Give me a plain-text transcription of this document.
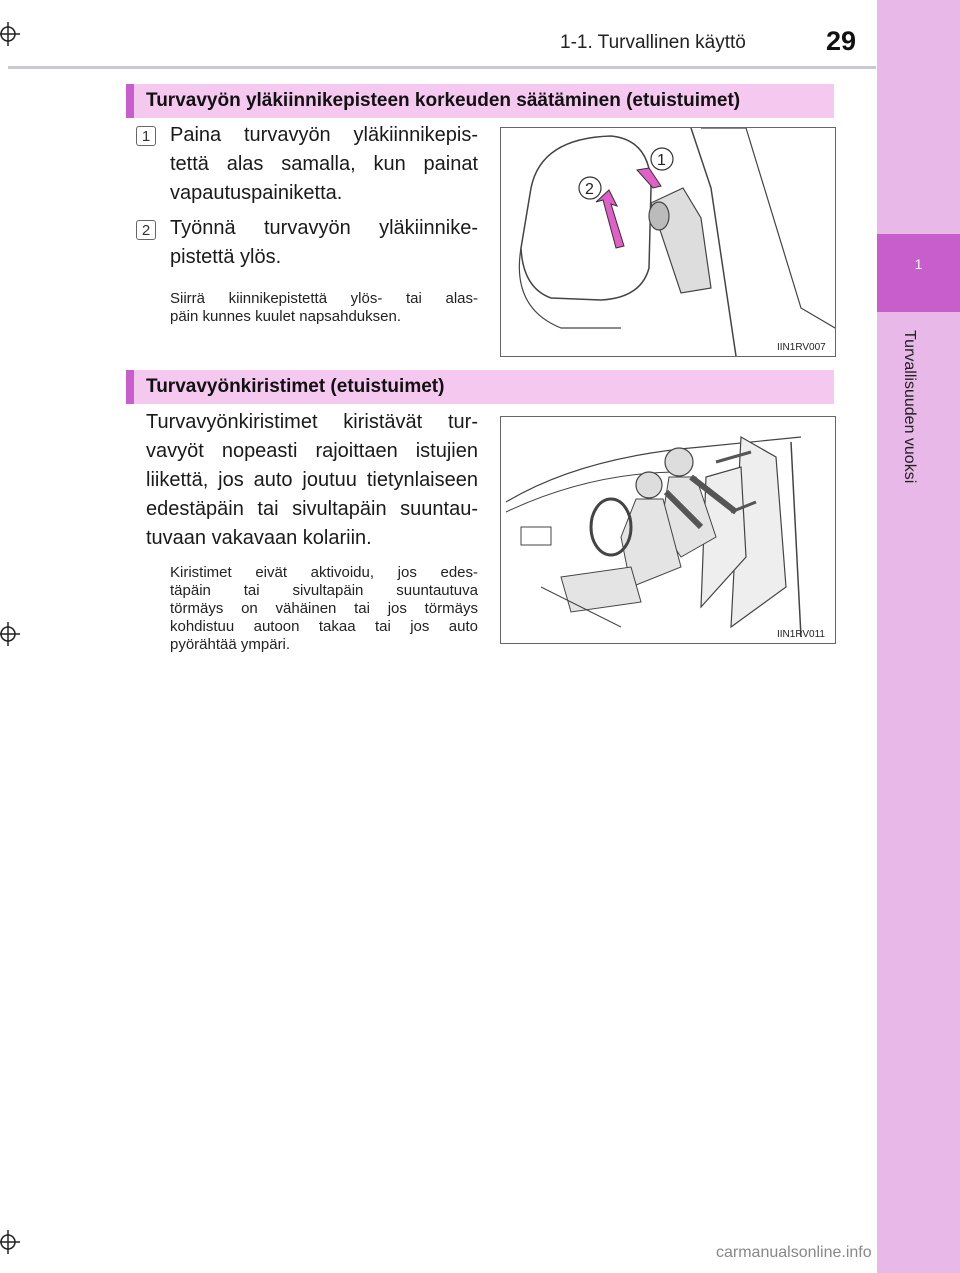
1
Turvallisuuden vuoksi
1-1. Turvallinen käyttö	29
Turvavyön yläkiinnikepisteen korkeuden säätäminen (etuistuimet)
1 Paina turvavyön yläkiinnikepis-
tettä alas samalla, kun painat
vapautuspainiketta.
2 Työnnä turvavyön yläkiinnike-
pistettä ylös.
Siirrä kiinnikepistettä ylös- tai alas-
päin kunnes kuulet napsahduksen.
1
2
IIN1RV007
Turvavyönkiristimet (etuistuimet)
Turvavyönkiristimet kiristävät tur-
vavyöt nopeasti rajoittaen istujien
liikettä, jos auto joutuu tietynlaiseen
edestäpäin tai sivultapäin suuntau-
tuvaan vakavaan kolariin.
Kiristimet eivät aktivoidu, jos edes-
täpäin tai sivultapäin suuntautuva
törmäys on vähäinen tai jos törmäys
kohdistuu autoon takaa tai jos auto
pyörähtää ympäri.
IIN1RV011
carmanualsonline.info
